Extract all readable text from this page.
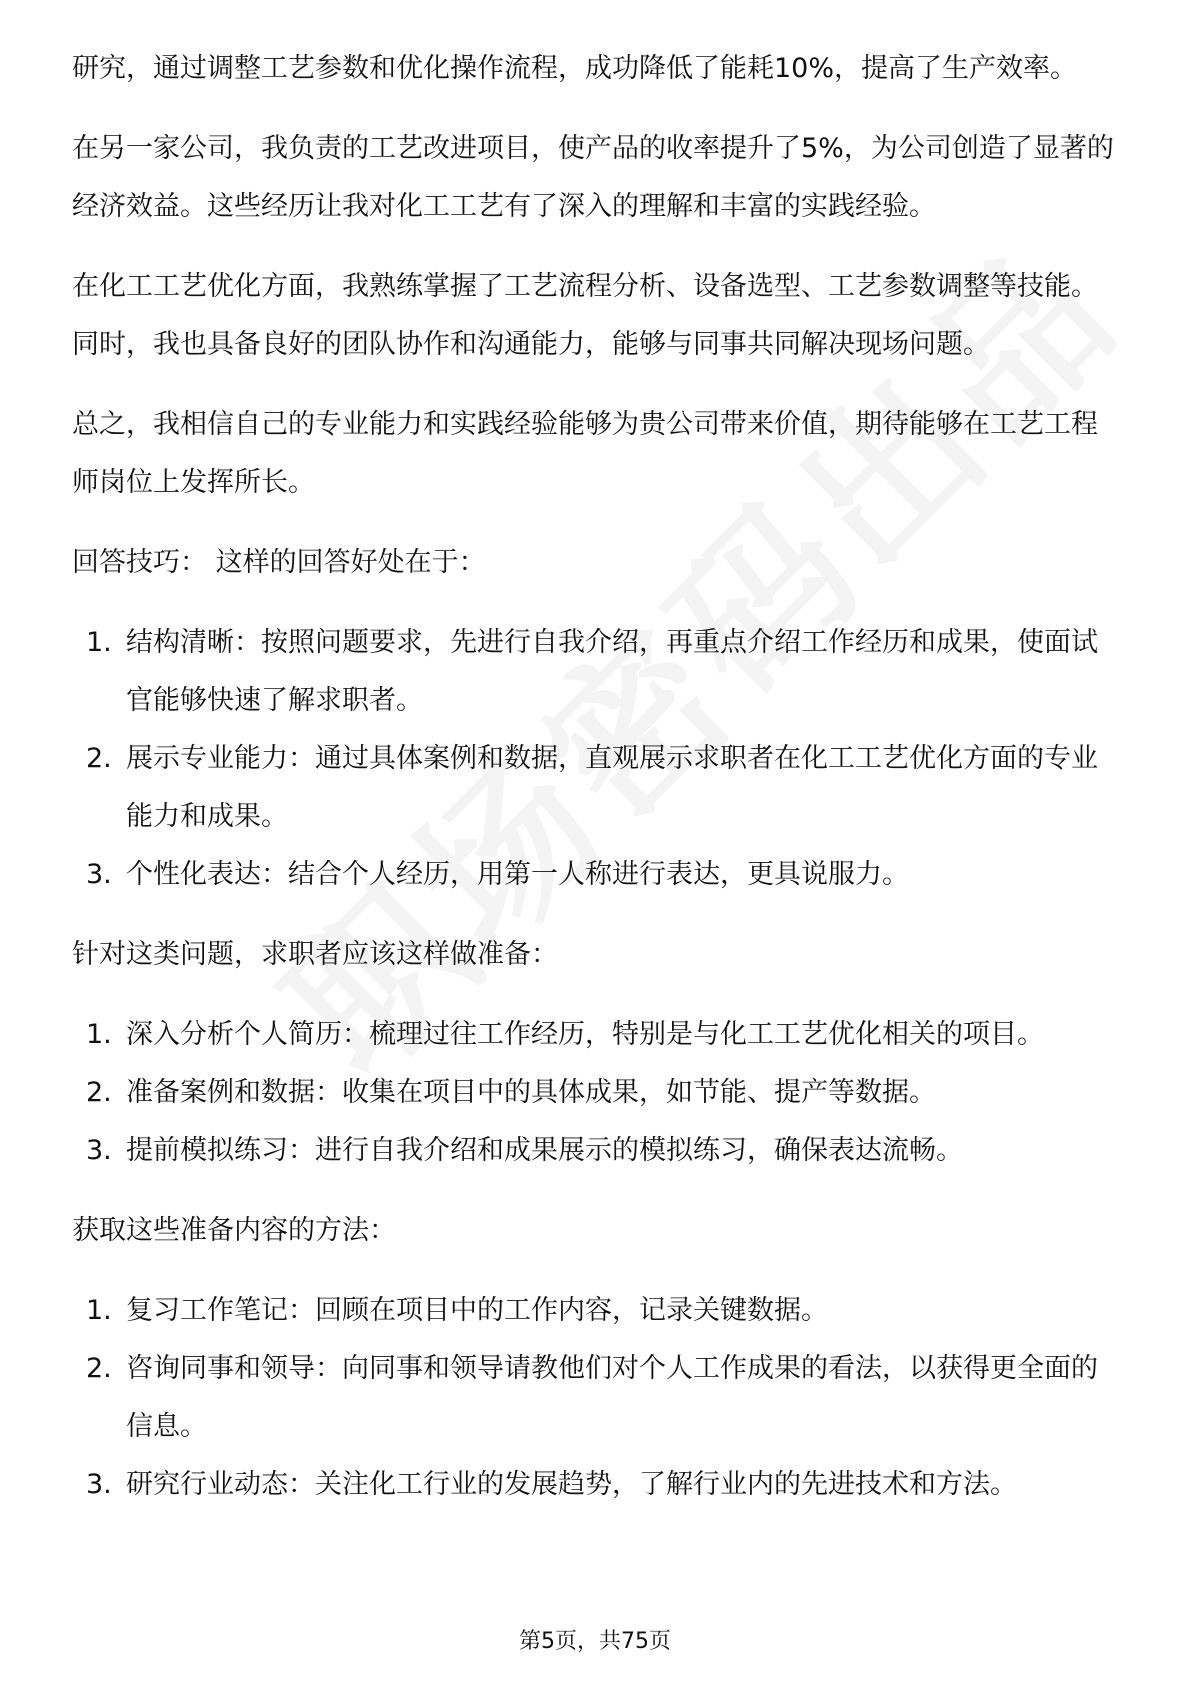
研究，通过调整工艺参数和优化操作流程，成功降低了能耗10%，提高了生产效率。

在另一家公司，我负责的工艺改进项目，使产品的收率提升了5%，为公司创造了显著的经济效益。这些经历让我对化工工艺有了深入的理解和丰富的实践经验。

在化工工艺优化方面，我熟练掌握了工艺流程分析、设备选型、工艺参数调整等技能。同时，我也具备良好的团队协作和沟通能力，能够与同事共同解决现场问题。

总之，我相信自己的专业能力和实践经验能够为贵公司带来价值，期待能够在工艺工程师岗位上发挥所长。

回答技巧： 这样的回答好处在于：

1. 结构清晰：按照问题要求，先进行自我介绍，再重点介绍工作经历和成果，使面试官能够快速了解求职者。
2. 展示专业能力：通过具体案例和数据，直观展示求职者在化工工艺优化方面的专业能力和成果。
3. 个性化表达：结合个人经历，用第一人称进行表达，更具说服力。

针对这类问题，求职者应该这样做准备：

1. 深入分析个人简历：梳理过往工作经历，特别是与化工工艺优化相关的项目。
2. 准备案例和数据：收集在项目中的具体成果，如节能、提产等数据。
3. 提前模拟练习：进行自我介绍和成果展示的模拟练习，确保表达流畅。

获取这些准备内容的方法：

1. 复习工作笔记：回顾在项目中的工作内容，记录关键数据。
2. 咨询同事和领导：向同事和领导请教他们对个人工作成果的看法，以获得更全面的信息。
3. 研究行业动态：关注化工行业的发展趋势，了解行业内的先进技术和方法。
第5页，共75页
